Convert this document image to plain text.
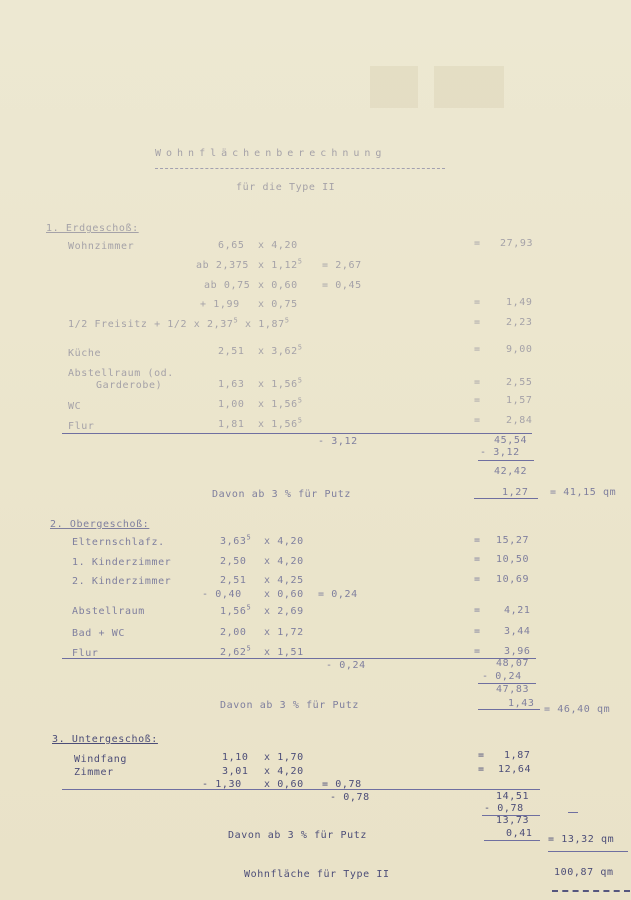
Wohnflächenberechnung
für die Type II
1. Erdgeschoß:
Wohnzimmer	6,65 x 4,20	= 27,93
ab 2,375 x $1,12^5 = 2,67$
ab 0,75 x 0,60 = 0,45
+ 1,99 x 0,75	=	1,49
1/2 Freisitz + 1/2 x 2,37$^5$ x $1,87^5$	=	2,23
Küche	2,51 x $3,62^5$	=	9,00
Abstellraum (od.
Garderobe)	1,63 x $1,56^5$	=	2,55
WC	1,00 x $1,56^5$	=	1,57
Flur	1,81 x $1,56^5$	=	2,84
- 3,12	45,54
- 3,12
42,42
Davon ab 3 % für Putz	1,27 = 41,15 qm
2. Obergeschoß:
Elternschlafz.	3,63$^5$ x 4,20	= 15,27
1. Kinderzimmer	2,50 x 4,20	= 10,50
2. Kinderzimmer	2,51 x 4,25	= 10,69
- 0,40 x 0,60 = 0,24
Abstellraum	1,56$^5$ x 2,69	= 4,21
Bad + WC	2,00 x 1,72	= 3,44
Flur	2,62$^5$ x 1,51	= 3,96
- 0,24	48,07
- 0,24
47,83
Davon ab 3 % für Putz	1,43
= 46,40 qm
3. Untergeschoß:
Windfang	1,10 x 1,70	= 1,87
Zimmer	3,01 x 4,20	= 12,64
- 1,30 x 0,60 = 0,78
- 0,78	14,51
- 0,78
13,73
Davon ab 3 % für Putz	0,41
= 13,32 qm
Wohnfläche für Type II	100,87 qm
